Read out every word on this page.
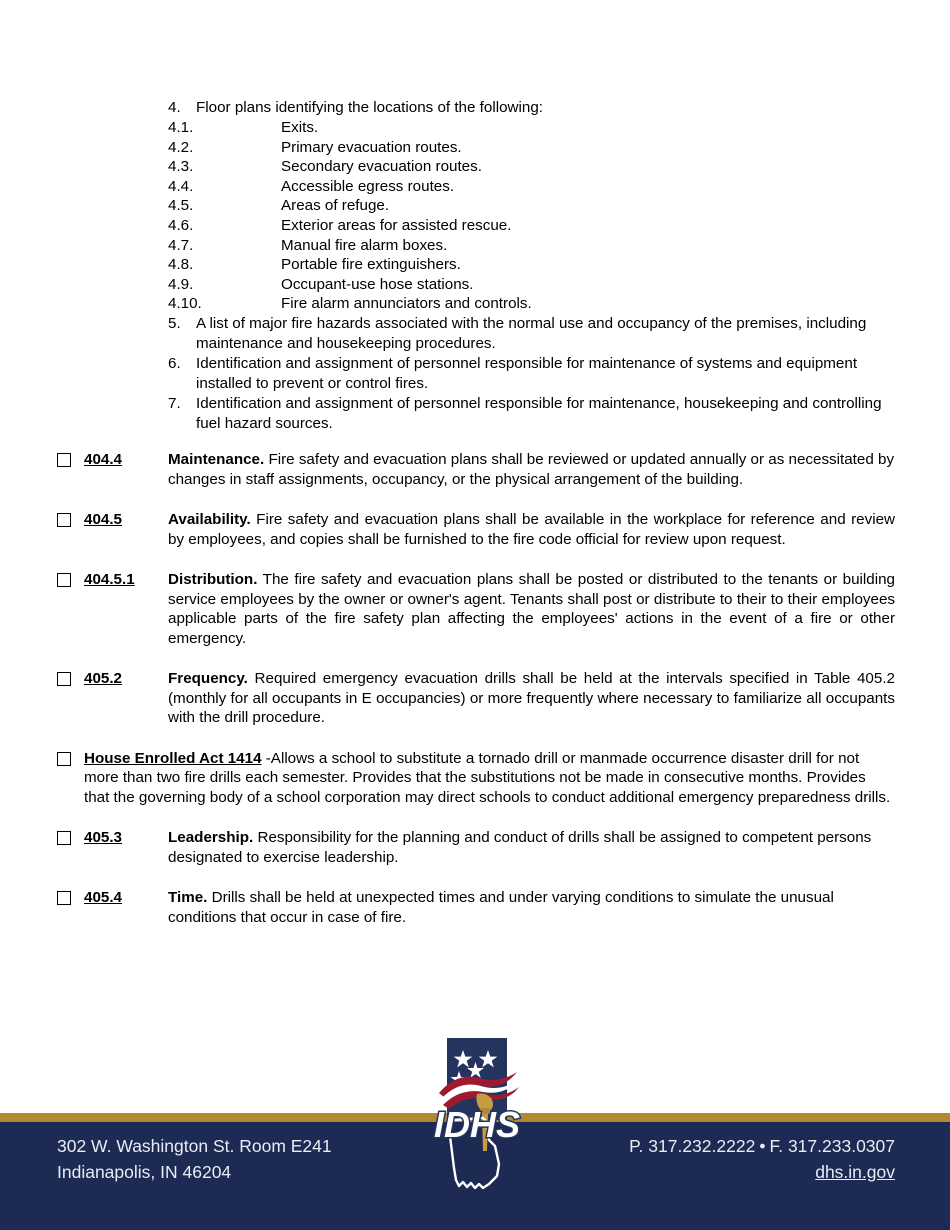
4.	Floor plans identifying the locations of the following:
4.1.	Exits.
4.2.	Primary evacuation routes.
4.3.	Secondary evacuation routes.
4.4.	Accessible egress routes.
4.5.	Areas of refuge.
4.6.	Exterior areas for assisted rescue.
4.7.	Manual fire alarm boxes.
4.8.	Portable fire extinguishers.
4.9.	Occupant-use hose stations.
4.10.	Fire alarm annunciators and controls.
5.	A list of major fire hazards associated with the normal use and occupancy of the premises, including maintenance and housekeeping procedures.
6.	Identification and assignment of personnel responsible for maintenance of systems and equipment installed to prevent or control fires.
7.	Identification and assignment of personnel responsible for maintenance, housekeeping and controlling fuel hazard sources.
404.4	Maintenance. Fire safety and evacuation plans shall be reviewed or updated annually or as necessitated by changes in staff assignments, occupancy, or the physical arrangement of the building.
404.5	Availability. Fire safety and evacuation plans shall be available in the workplace for reference and review by employees, and copies shall be furnished to the fire code official for review upon request.
404.5.1 Distribution. The fire safety and evacuation plans shall be posted or distributed to the tenants or building service employees by the owner or owner's agent. Tenants shall post or distribute to their to their employees applicable parts of the fire safety plan affecting the employees' actions in the event of a fire or other emergency.
405.2	Frequency. Required emergency evacuation drills shall be held at the intervals specified in Table 405.2 (monthly for all occupants in E occupancies) or more frequently where necessary to familiarize all occupants with the drill procedure.
House Enrolled Act 1414 -Allows a school to substitute a tornado drill or manmade occurrence disaster drill for not more than two fire drills each semester. Provides that the substitutions not be made in consecutive months. Provides that the governing body of a school corporation may direct schools to conduct additional emergency preparedness drills.
405.3	Leadership. Responsibility for the planning and conduct of drills shall be assigned to competent persons designated to exercise leadership.
405.4	Time. Drills shall be held at unexpected times and under varying conditions to simulate the unusual conditions that occur in case of fire.
IDHS
302 W. Washington St. Room E241
Indianapolis, IN 46204
P. 317.232.2222 • F. 317.233.0307
dhs.in.gov
